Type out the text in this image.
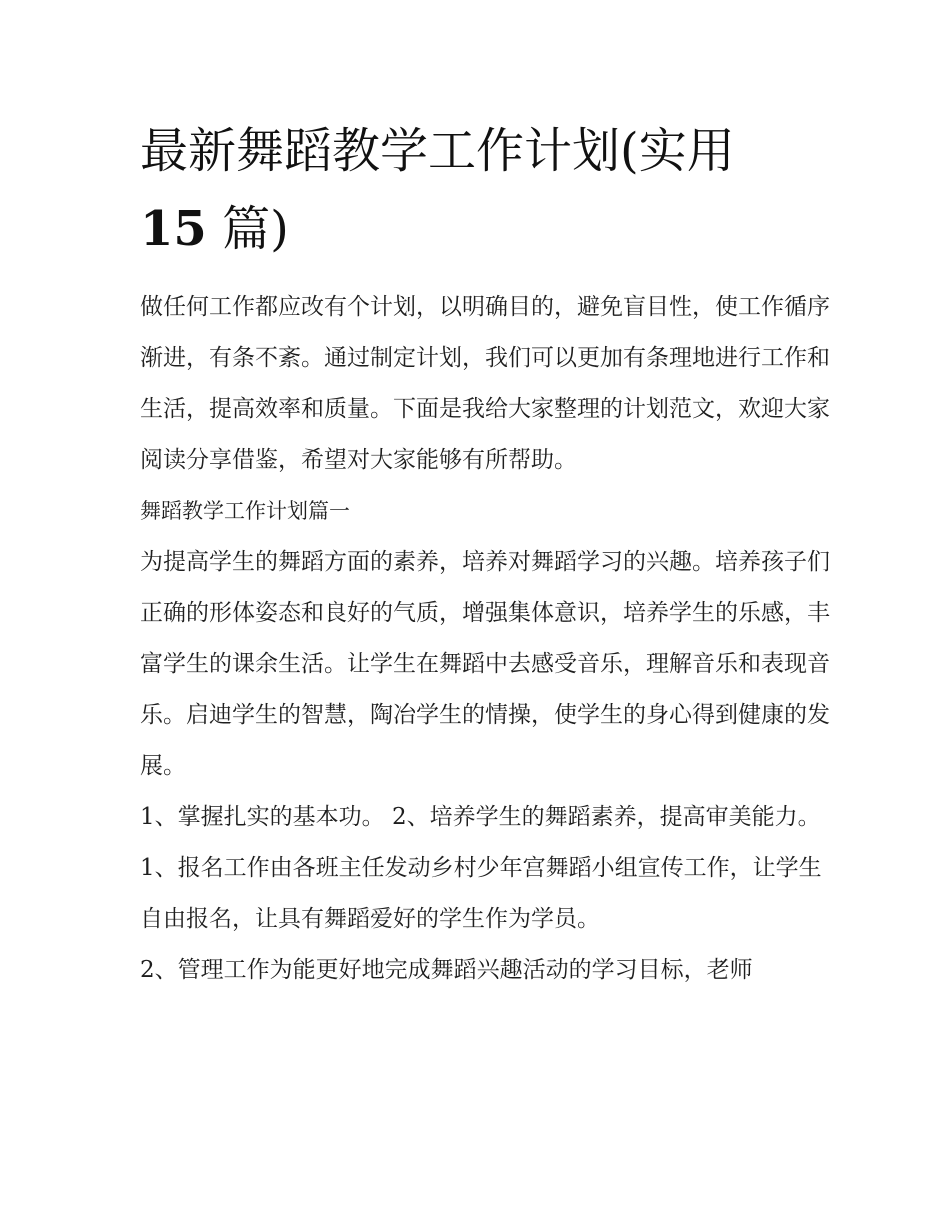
最新舞蹈教学工作计划(实用
15 篇)

做任何工作都应改有个计划，以明确目的，避免盲目性，使工作循序渐进，有条不紊。通过制定计划，我们可以更加有条理地进行工作和生活，提高效率和质量。下面是我给大家整理的计划范文，欢迎大家阅读分享借鉴，希望对大家能够有所帮助。

舞蹈教学工作计划篇一

为提高学生的舞蹈方面的素养，培养对舞蹈学习的兴趣。培养孩子们正确的形体姿态和良好的气质，增强集体意识，培养学生的乐感，丰富学生的课余生活。让学生在舞蹈中去感受音乐，理解音乐和表现音乐。启迪学生的智慧，陶冶学生的情操，使学生的身心得到健康的发展。

1、掌握扎实的基本功。 2、培养学生的舞蹈素养，提高审美能力。

1、报名工作由各班主任发动乡村少年宫舞蹈小组宣传工作，让学生自由报名，让具有舞蹈爱好的学生作为学员。

2、管理工作为能更好地完成舞蹈兴趣活动的学习目标，老师
